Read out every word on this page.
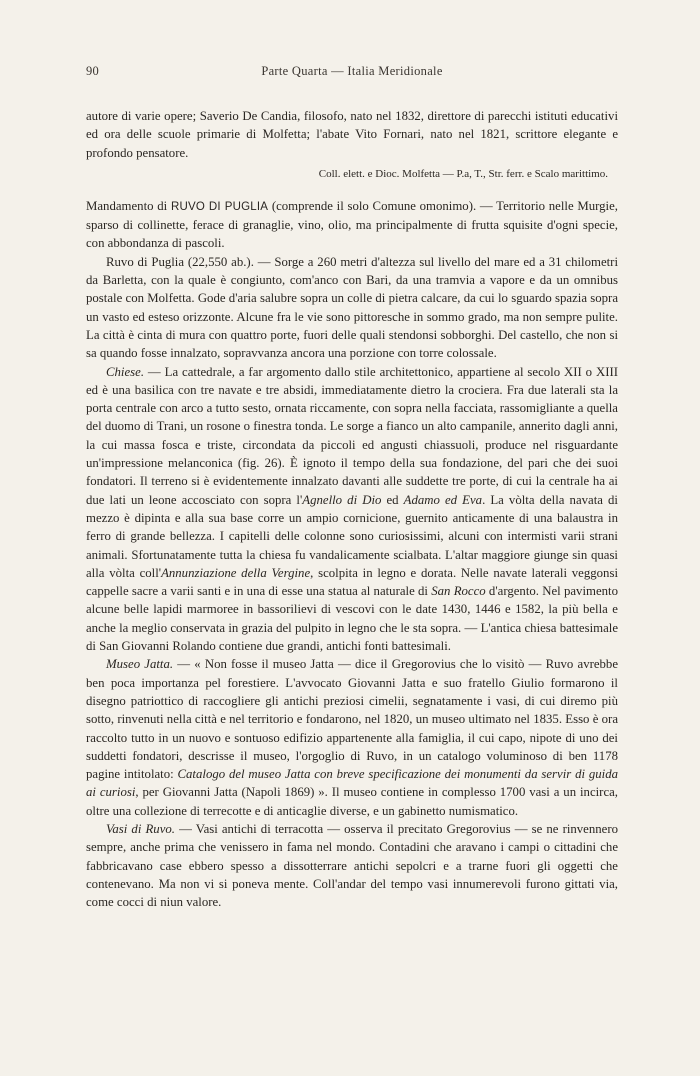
90	Parte Quarta — Italia Meridionale

autore di varie opere; Saverio De Candia, filosofo, nato nel 1832, direttore di parecchi istituti educativi ed ora delle scuole primarie di Molfetta; l'abate Vito Fornari, nato nel 1821, scrittore elegante e profondo pensatore.

Coll. elett. e Dioc. Molfetta — P.a, T., Str. ferr. e Scalo marittimo.

Mandamento di RUVO DI PUGLIA (comprende il solo Comune omonimo). — Territorio nelle Murgie, sparso di collinette, ferace di granaglie, vino, olio, ma principalmente di frutta squisite d'ogni specie, con abbondanza di pascoli.

Ruvo di Puglia (22,550 ab.). — Sorge a 260 metri d'altezza sul livello del mare ed a 31 chilometri da Barletta, con la quale è congiunto, com'anco con Bari, da una tramvia a vapore e da un omnibus postale con Molfetta. Gode d'aria salubre sopra un colle di pietra calcare, da cui lo sguardo spazia sopra un vasto ed esteso orizzonte. Alcune fra le vie sono pittoresche in sommo grado, ma non sempre pulite. La città è cinta di mura con quattro porte, fuori delle quali stendonsi sobborghi. Del castello, che non si sa quando fosse innalzato, sopravvanza ancora una porzione con torre colossale.

Chiese. — La cattedrale, a far argomento dallo stile architettonico, appartiene al secolo XII o XIII ed è una basilica con tre navate e tre absidi, immediatamente dietro la crociera. Fra due laterali sta la porta centrale con arco a tutto sesto, ornata riccamente, con sopra nella facciata, rassomigliante a quella del duomo di Trani, un rosone o finestra tonda. Le sorge a fianco un alto campanile, annerito dagli anni, la cui massa fosca e triste, circondata da piccoli ed angusti chiassuoli, produce nel risguardante un'impressione melanconica (fig. 26). È ignoto il tempo della sua fondazione, del pari che dei suoi fondatori. Il terreno si è evidentemente innalzato davanti alle suddette tre porte, di cui la centrale ha ai due lati un leone accosciato con sopra l'Agnello di Dio ed Adamo ed Eva. La vòlta della navata di mezzo è dipinta e alla sua base corre un ampio cornicione, guernito anticamente di una balaustra in ferro di grande bellezza. I capitelli delle colonne sono curiosissimi, alcuni con intermisti varii strani animali. Sfortunatamente tutta la chiesa fu vandalicamente scialbata. L'altar maggiore giunge sin quasi alla vòlta coll'Annunziazione della Vergine, scolpita in legno e dorata. Nelle navate laterali veggonsi cappelle sacre a varii santi e in una di esse una statua al naturale di San Rocco d'argento. Nel pavimento alcune belle lapidi marmoree in bassorilievi di vescovi con le date 1430, 1446 e 1582, la più bella e anche la meglio conservata in grazia del pulpito in legno che le sta sopra. — L'antica chiesa battesimale di San Giovanni Rolando contiene due grandi, antichi fonti battesimali.

Museo Jatta. — « Non fosse il museo Jatta — dice il Gregorovius che lo visitò — Ruvo avrebbe ben poca importanza pel forestiere. L'avvocato Giovanni Jatta e suo fratello Giulio formarono il disegno patriottico di raccogliere gli antichi preziosi cimelii, segnatamente i vasi, di cui diremo più sotto, rinvenuti nella città e nel territorio e fondarono, nel 1820, un museo ultimato nel 1835. Esso è ora raccolto tutto in un nuovo e sontuoso edifizio appartenente alla famiglia, il cui capo, nipote di uno dei suddetti fondatori, descrisse il museo, l'orgoglio di Ruvo, in un catalogo voluminoso di ben 1178 pagine intitolato: Catalogo del museo Jatta con breve specificazione dei monumenti da servir di guida ai curiosi, per Giovanni Jatta (Napoli 1869) ». Il museo contiene in complesso 1700 vasi a un incirca, oltre una collezione di terrecotte e di anticaglie diverse, e un gabinetto numismatico.

Vasi di Ruvo. — Vasi antichi di terracotta — osserva il precitato Gregorovius — se ne rinvennero sempre, anche prima che venissero in fama nel mondo. Contadini che aravano i campi o cittadini che fabbricavano case ebbero spesso a dissotterrare antichi sepolcri e a trarne fuori gli oggetti che contenevano. Ma non vi si poneva mente. Coll'andar del tempo vasi innumerevoli furono gittati via, come cocci di niun valore.
